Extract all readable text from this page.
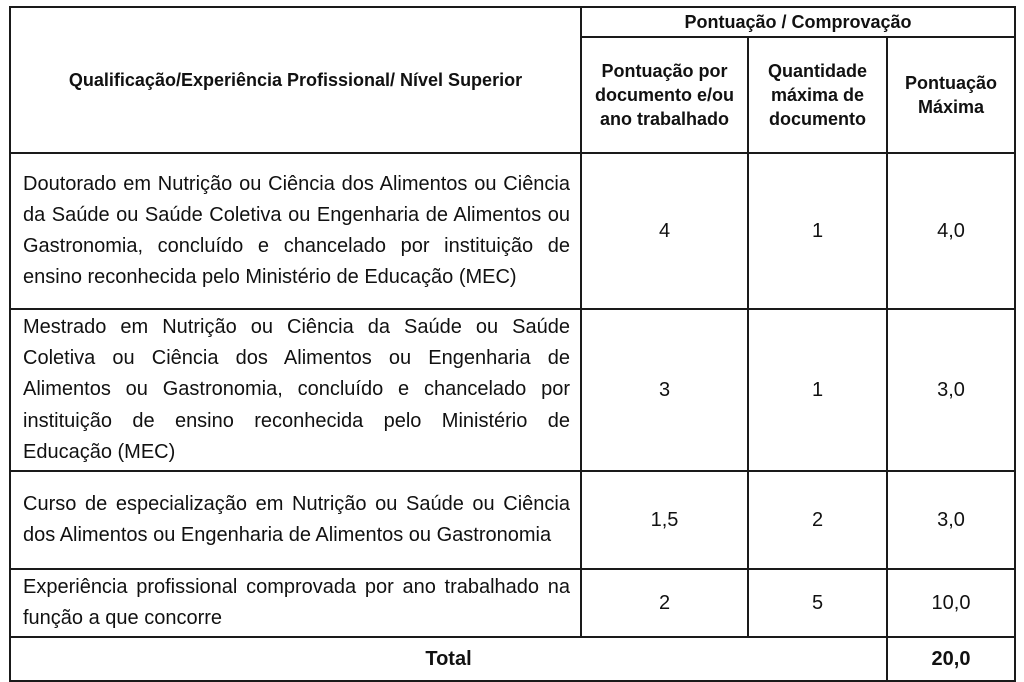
Qualificação/Experiência Profissional/ Nível Superior	Pontuação / Comprovação		
	Pontuação por documento e/ou ano trabalhado	Quantidade máxima de documento	Pontuação Máxima
Doutorado em Nutrição ou Ciência dos Alimentos ou Ciência da Saúde ou Saúde Coletiva ou Engenharia de Alimentos ou Gastronomia, concluído e chancelado por instituição de ensino reconhecida pelo Ministério de Educação (MEC)	4	1	4,0
Mestrado em Nutrição ou Ciência da Saúde ou Saúde Coletiva ou Ciência dos Alimentos ou Engenharia de Alimentos ou Gastronomia, concluído e chancelado por instituição de ensino reconhecida pelo Ministério de Educação (MEC)	3	1	3,0
Curso de especialização em Nutrição ou Saúde ou Ciência dos Alimentos ou Engenharia de Alimentos ou Gastronomia	1,5	2	3,0
Experiência profissional comprovada por ano trabalhado na função a que concorre	2	5	10,0
Total			20,0
